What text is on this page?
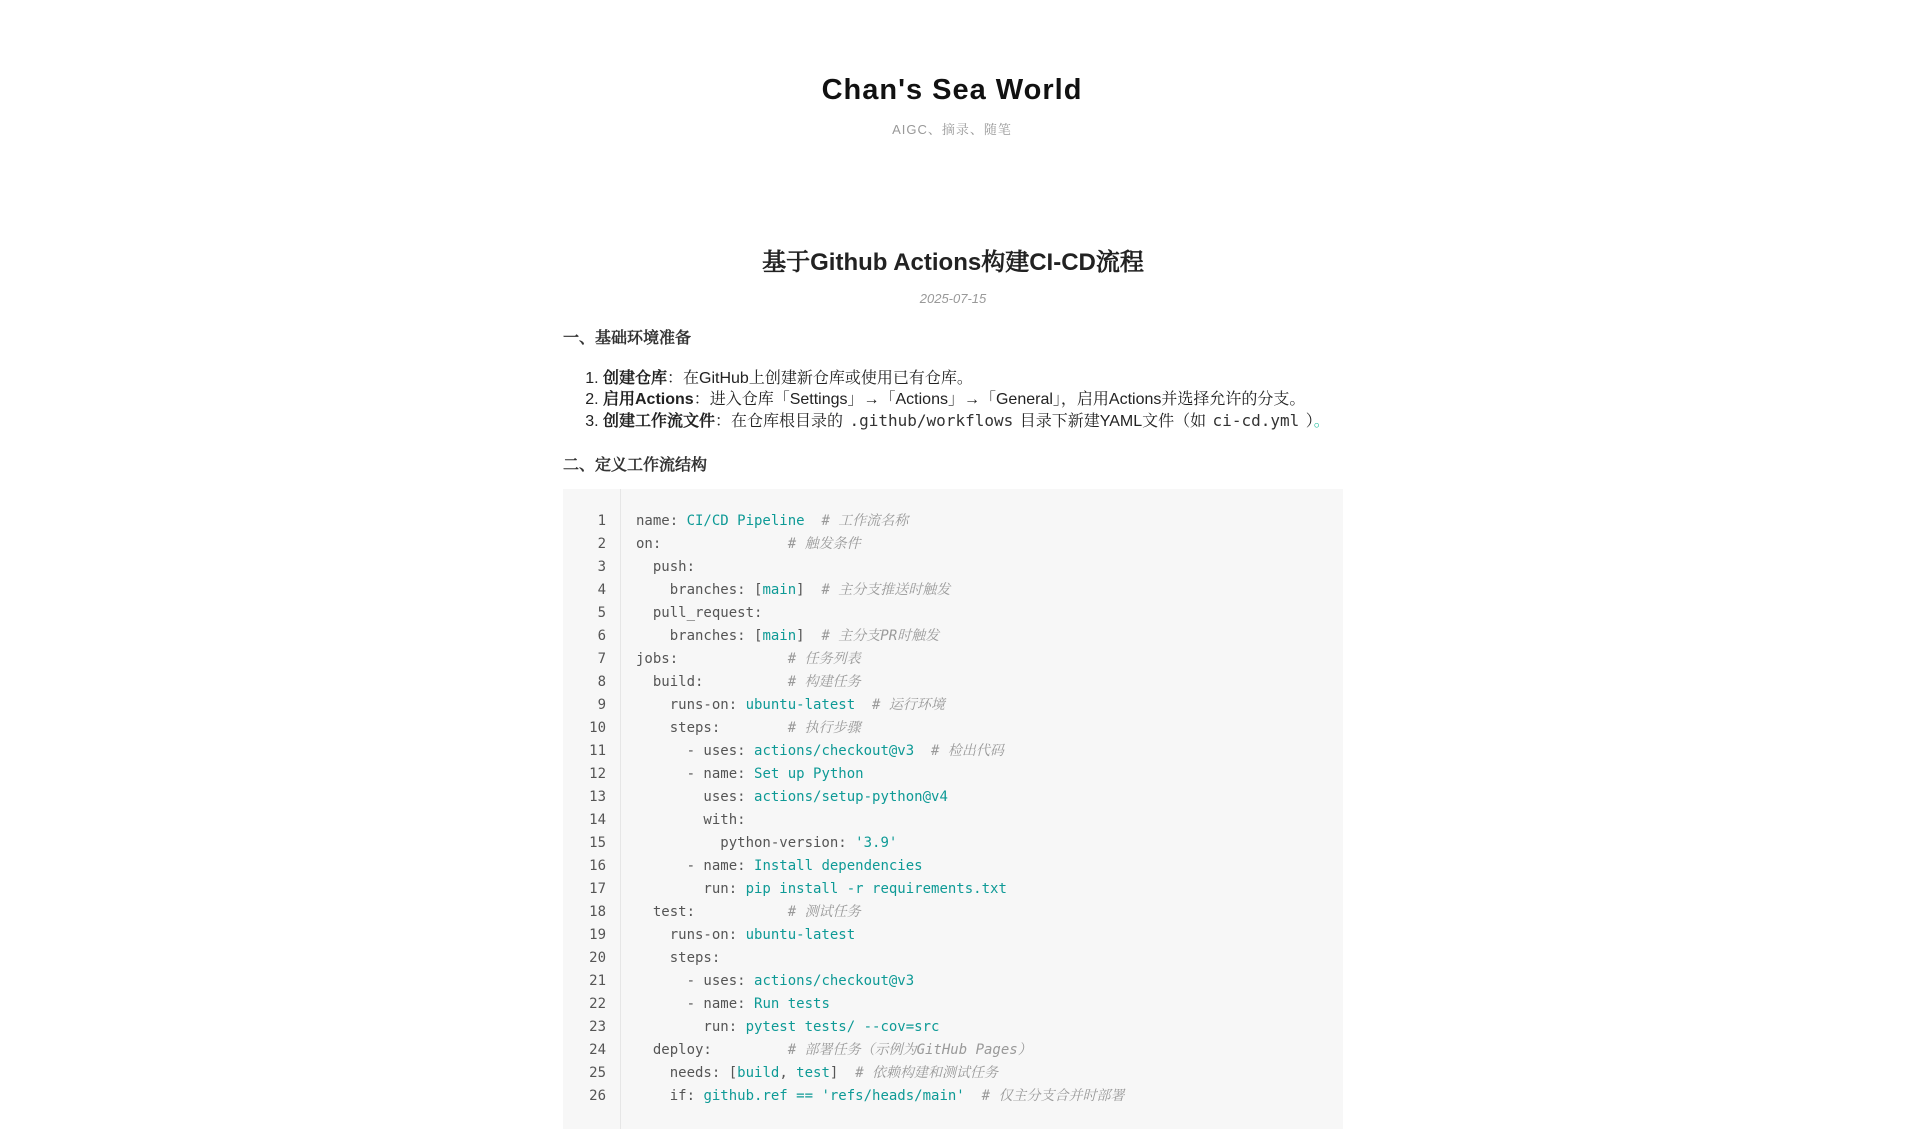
Chan's Sea World
AIGC、摘录、随笔
基于Github Actions构建CI-CD流程
2025-07-15
一、基础环境准备
1. 创建仓库：在GitHub上创建新仓库或使用已有仓库。
2. 启用Actions：进入仓库「Settings」→「Actions」→「General」，启用Actions并选择允许的分支。
3. 创建工作流文件：在仓库根目录的 .github/workflows 目录下新建YAML文件（如 ci-cd.yml ）。
二、定义工作流结构
1
2
3
4
5
6
7
8
9
10
11
12
13
14
15
16
17
18
19
20
21
22
23
24
25
26
name: CI/CD Pipeline # 工作流名称
on:               # 触发条件
push:
branches: [main]  # 主分支推送时触发
pull_request:
branches: [main]  # 主分支PR时触发
jobs:             # 任务列表
build:          # 构建任务
runs-on: ubuntu-latest # 运行环境
steps:        # 执行步骤
- uses: actions/checkout@v3 # 检出代码
- name: Set up Python
uses: actions/setup-python@v4
with:
python-version: '3.9'
- name: Install dependencies
run: pip install -r requirements.txt
test:           # 测试任务
runs-on: ubuntu-latest
steps:
- uses: actions/checkout@v3
- name: Run tests
run: pytest tests/ --cov=src
deploy:         # 部署任务（示例为GitHub Pages）
needs: [build, test]  # 依赖构建和测试任务
if: github.ref == 'refs/heads/main' # 仅主分支合并时部署
